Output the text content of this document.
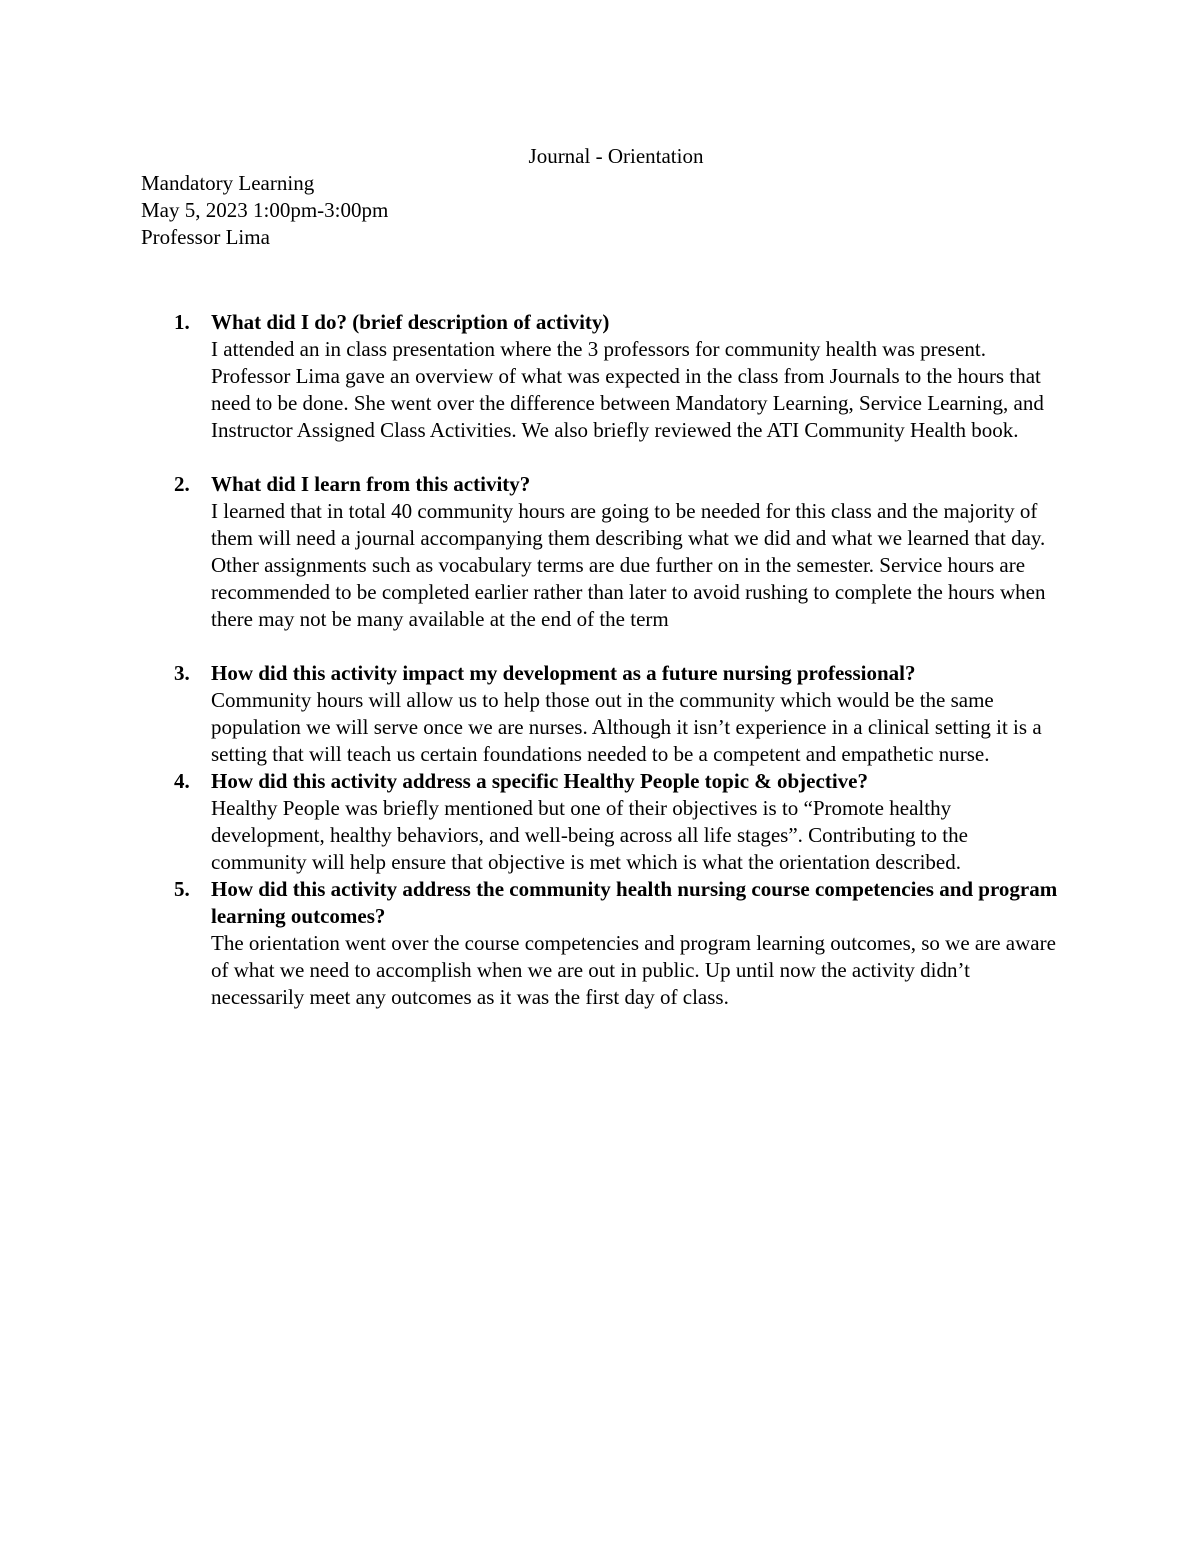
Journal - Orientation
Mandatory Learning
May 5, 2023 1:00pm-3:00pm
Professor Lima
1. What did I do? (brief description of activity)
I attended an in class presentation where the 3 professors for community health was present. Professor Lima gave an overview of what was expected in the class from Journals to the hours that need to be done. She went over the difference between Mandatory Learning, Service Learning, and Instructor Assigned Class Activities. We also briefly reviewed the ATI Community Health book.
2. What did I learn from this activity?
I learned that in total 40 community hours are going to be needed for this class and the majority of them will need a journal accompanying them describing what we did and what we learned that day. Other assignments such as vocabulary terms are due further on in the semester. Service hours are recommended to be completed earlier rather than later to avoid rushing to complete the hours when there may not be many available at the end of the term
3. How did this activity impact my development as a future nursing professional?
Community hours will allow us to help those out in the community which would be the same population we will serve once we are nurses. Although it isn’t experience in a clinical setting it is a setting that will teach us certain foundations needed to be a competent and empathetic nurse.
4. How did this activity address a specific Healthy People topic & objective?
Healthy People was briefly mentioned but one of their objectives is to “Promote healthy development, healthy behaviors, and well-being across all life stages”. Contributing to the community will help ensure that objective is met which is what the orientation described.
5. How did this activity address the community health nursing course competencies and program learning outcomes?
The orientation went over the course competencies and program learning outcomes, so we are aware of what we need to accomplish when we are out in public. Up until now the activity didn’t necessarily meet any outcomes as it was the first day of class.
